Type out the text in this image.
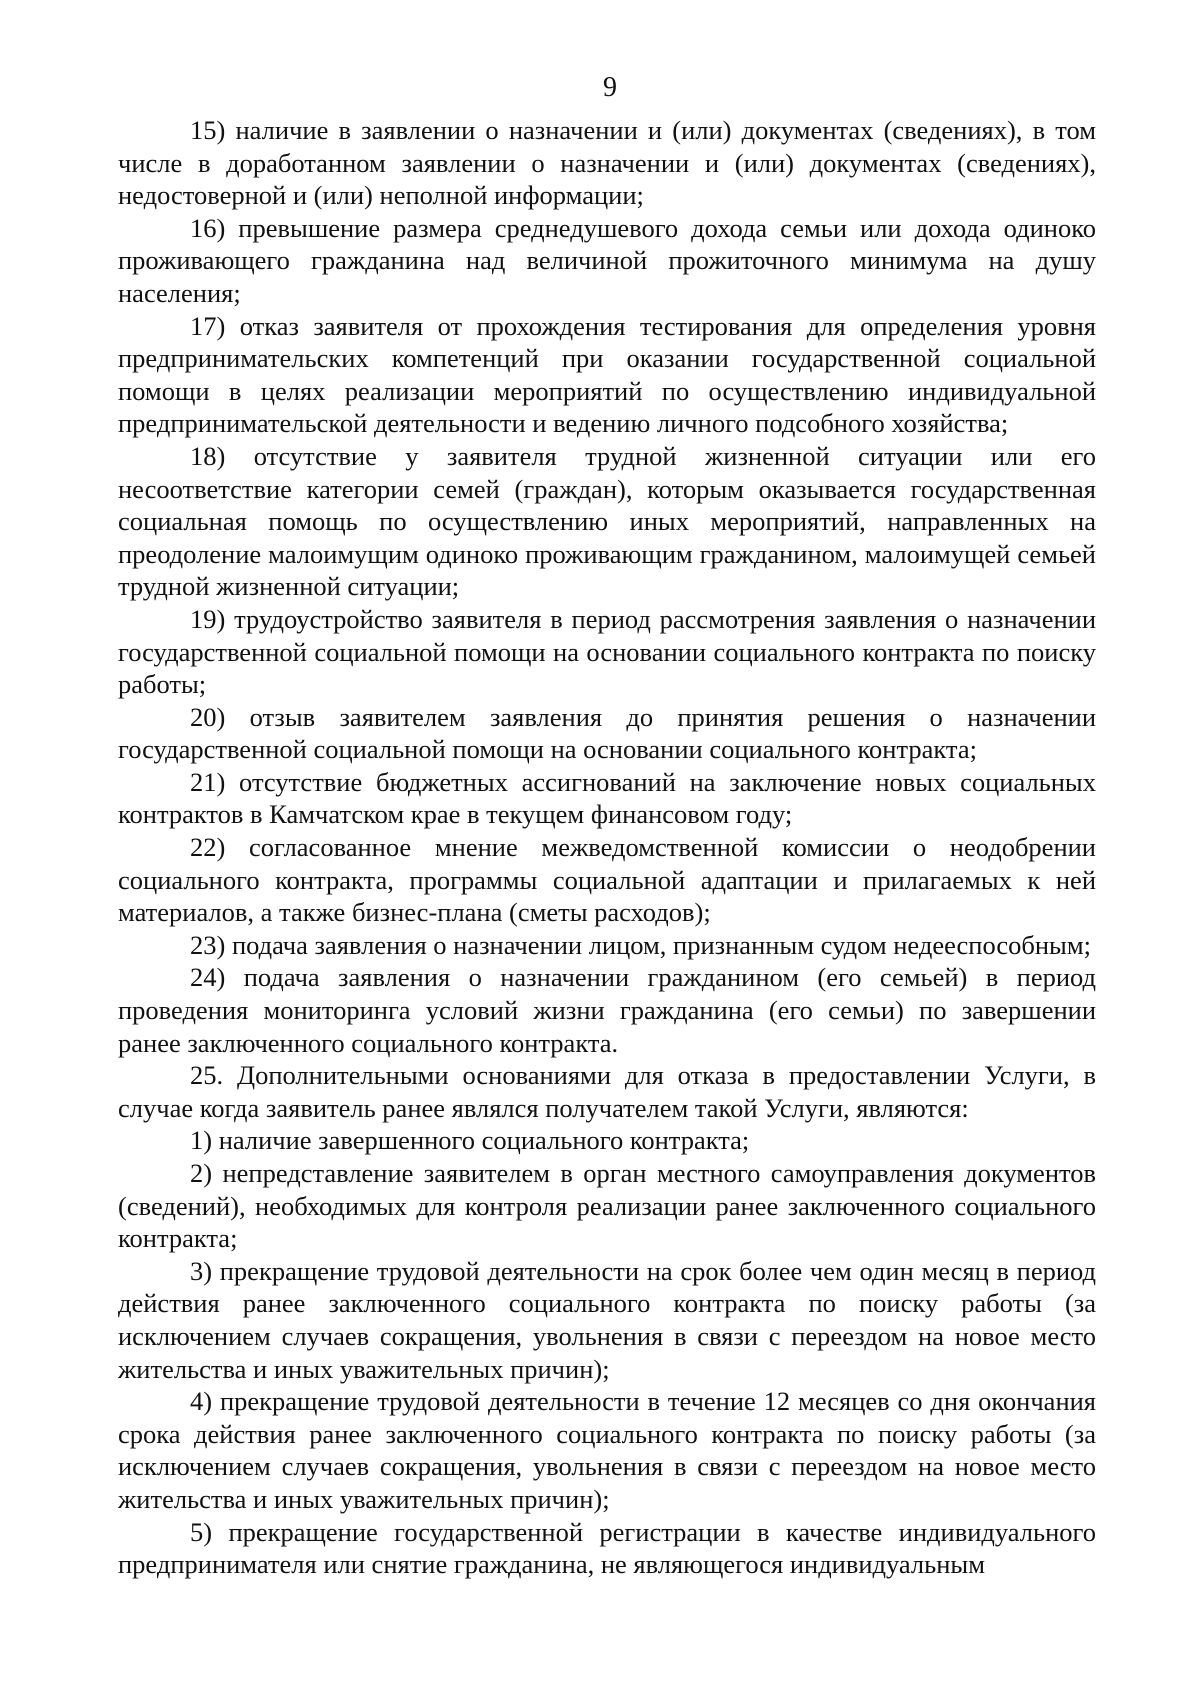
9

15) наличие в заявлении о назначении и (или) документах (сведениях), в том числе в доработанном заявлении о назначении и (или) документах (сведениях), недостоверной и (или) неполной информации;

16) превышение размера среднедушевого дохода семьи или дохода одиноко проживающего гражданина над величиной прожиточного минимума на душу населения;

17) отказ заявителя от прохождения тестирования для определения уровня предпринимательских компетенций при оказании государственной социальной помощи в целях реализации мероприятий по осуществлению индивидуальной предпринимательской деятельности и ведению личного подсобного хозяйства;

18) отсутствие у заявителя трудной жизненной ситуации или его несоответствие категории семей (граждан), которым оказывается государственная социальная помощь по осуществлению иных мероприятий, направленных на преодоление малоимущим одиноко проживающим гражданином, малоимущей семьей трудной жизненной ситуации;

19) трудоустройство заявителя в период рассмотрения заявления о назначении государственной социальной помощи на основании социального контракта по поиску работы;

20) отзыв заявителем заявления до принятия решения о назначении государственной социальной помощи на основании социального контракта;

21) отсутствие бюджетных ассигнований на заключение новых социальных контрактов в Камчатском крае в текущем финансовом году;

22) согласованное мнение межведомственной комиссии о неодобрении социального контракта, программы социальной адаптации и прилагаемых к ней материалов, а также бизнес-плана (сметы расходов);

23) подача заявления о назначении лицом, признанным судом недееспособным;

24) подача заявления о назначении гражданином (его семьей) в период проведения мониторинга условий жизни гражданина (его семьи) по завершении ранее заключенного социального контракта.

25. Дополнительными основаниями для отказа в предоставлении Услуги, в случае когда заявитель ранее являлся получателем такой Услуги, являются:

1) наличие завершенного социального контракта;

2) непредставление заявителем в орган местного самоуправления документов (сведений), необходимых для контроля реализации ранее заключенного социального контракта;

3) прекращение трудовой деятельности на срок более чем один месяц в период действия ранее заключенного социального контракта по поиску работы (за исключением случаев сокращения, увольнения в связи с переездом на новое место жительства и иных уважительных причин);

4) прекращение трудовой деятельности в течение 12 месяцев со дня окончания срока действия ранее заключенного социального контракта по поиску работы (за исключением случаев сокращения, увольнения в связи с переездом на новое место жительства и иных уважительных причин);

5) прекращение государственной регистрации в качестве индивидуального предпринимателя или снятие гражданина, не являющегося индивидуальным
